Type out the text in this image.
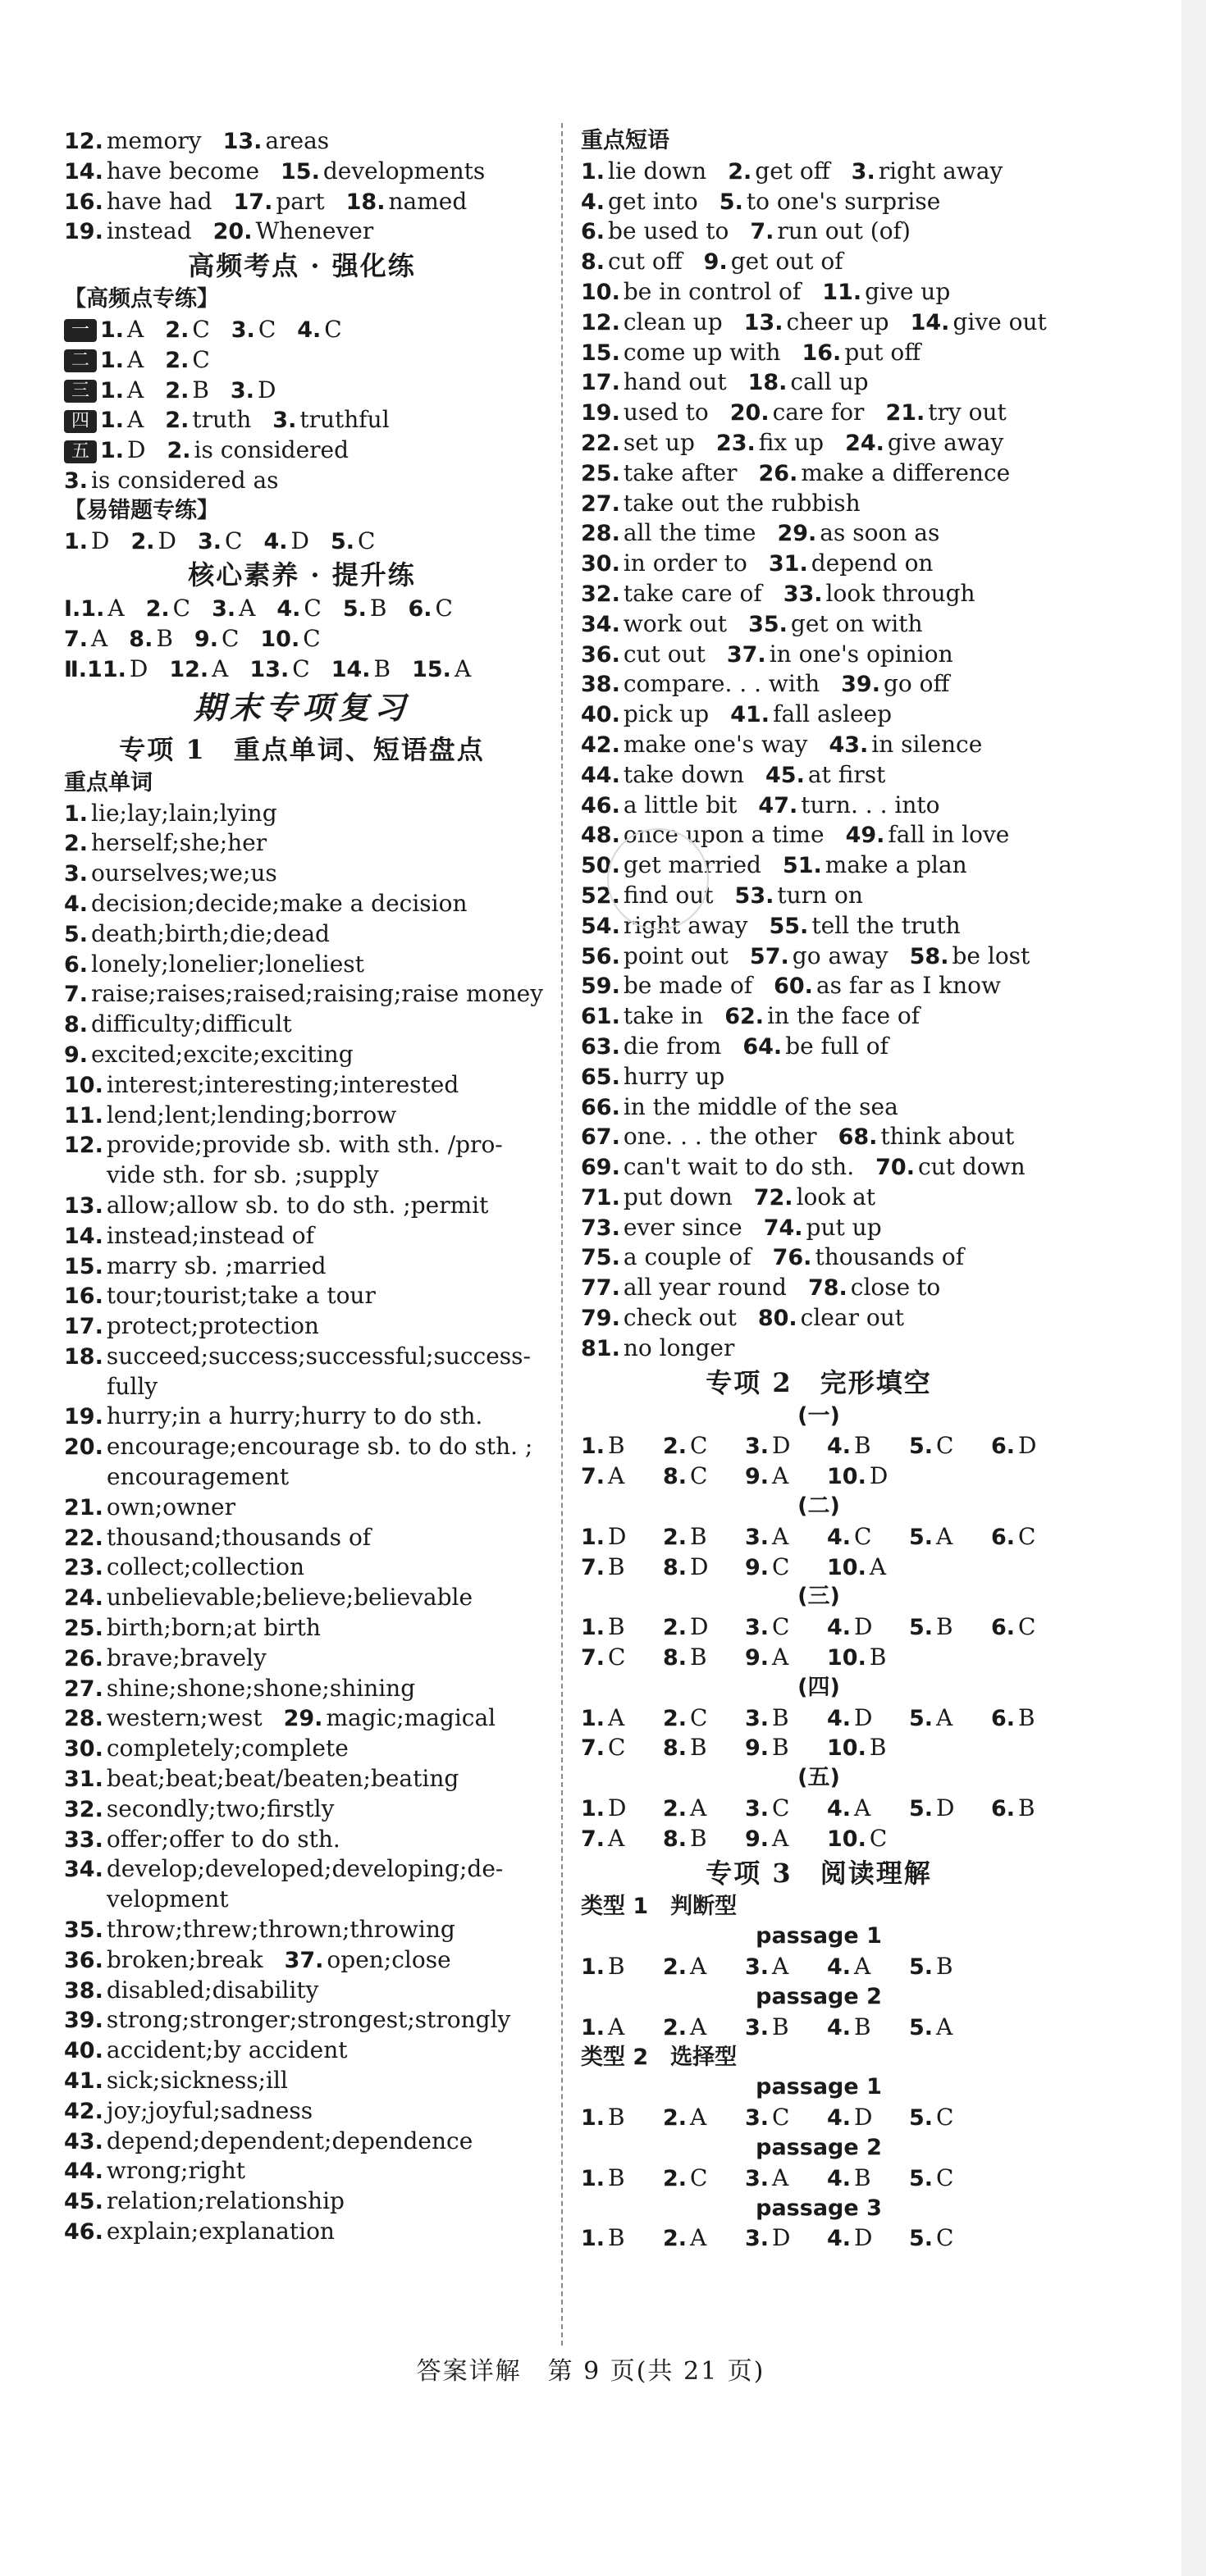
12. memory 13. areas
14. have become 15. developments
16. have had 17. part 18. named
19. instead 20. Whenever
高频考点 · 强化练
【高频点专练】
一 1. A 2. C 3. C 4. C
二 1. A 2. C
三 1. A 2. B 3. D
四 1. A 2. truth 3. truthful
五 1. D 2. is considered
3. is considered as
【易错题专练】
1. D 2. D 3. C 4. D 5. C
核心素养 · 提升练
Ⅰ.1. A 2. C 3. A 4. C 5. B 6. C
7. A 8. B 9. C 10. C
Ⅱ.11. D 12. A 13. C 14. B 15. A
期末专项复习
专项 1　重点单词、短语盘点
重点单词
1. lie;lay;lain;lying
2. herself;she;her
3. ourselves;we;us
4. decision;decide;make a decision
5. death;birth;die;dead
6. lonely;lonelier;loneliest
7. raise;raises;raised;raising;raise money
8. difficulty;difficult
9. excited;excite;exciting
10. interest;interesting;interested
11. lend;lent;lending;borrow
12. provide;provide sb. with sth. /pro-
vide sth. for sb. ;supply
13. allow;allow sb. to do sth. ;permit
14. instead;instead of
15. marry sb. ;married
16. tour;tourist;take a tour
17. protect;protection
18. succeed;success;successful;success-
fully
19. hurry;in a hurry;hurry to do sth.
20. encourage;encourage sb. to do sth. ;
encouragement
21. own;owner
22. thousand;thousands of
23. collect;collection
24. unbelievable;believe;believable
25. birth;born;at birth
26. brave;bravely
27. shine;shone;shone;shining
28. western;west 29. magic;magical
30. completely;complete
31. beat;beat;beat/beaten;beating
32. secondly;two;firstly
33. offer;offer to do sth.
34. develop;developed;developing;de-
velopment
35. throw;threw;thrown;throwing
36. broken;break 37. open;close
38. disabled;disability
39. strong;stronger;strongest;strongly
40. accident;by accident
41. sick;sickness;ill
42. joy;joyful;sadness
43. depend;dependent;dependence
44. wrong;right
45. relation;relationship
46. explain;explanation
重点短语
1. lie down 2. get off 3. right away
4. get into 5. to one's surprise
6. be used to 7. run out (of)
8. cut off 9. get out of
10. be in control of 11. give up
12. clean up 13. cheer up 14. give out
15. come up with 16. put off
17. hand out 18. call up
19. used to 20. care for 21. try out
22. set up 23. fix up 24. give away
25. take after 26. make a difference
27. take out the rubbish
28. all the time 29. as soon as
30. in order to 31. depend on
32. take care of 33. look through
34. work out 35. get on with
36. cut out 37. in one's opinion
38. compare. . . with 39. go off
40. pick up 41. fall asleep
42. make one's way 43. in silence
44. take down 45. at first
46. a little bit 47. turn. . . into
48. once upon a time 49. fall in love
50. get married 51. make a plan
52. find out 53. turn on
54. right away 55. tell the truth
56. point out 57. go away 58. be lost
59. be made of 60. as far as I know
61. take in 62. in the face of
63. die from 64. be full of
65. hurry up
66. in the middle of the sea
67. one. . . the other 68. think about
69. can't wait to do sth. 70. cut down
71. put down 72. look at
73. ever since 74. put up
75. a couple of 76. thousands of
77. all year round 78. close to
79. check out 80. clear out
81. no longer
专项 2　完形填空
(一)
1. B	2. C	3. D	4. B	5. C	6. D
7. A	8. C	9. A	10. D
(二)
1. D	2. B	3. A	4. C	5. A	6. C
7. B	8. D	9. C	10. A
(三)
1. B	2. D	3. C	4. D	5. B	6. C
7. C	8. B	9. A	10. B
(四)
1. A	2. C	3. B	4. D	5. A	6. B
7. C	8. B	9. B	10. B
(五)
1. D	2. A	3. C	4. A	5. D	6. B
7. A	8. B	9. A	10. C
专项 3　阅读理解
类型 1　判断型
passage 1
1. B	2. A	3. A	4. A	5. B
passage 2
1. A	2. A	3. B	4. B	5. A
类型 2　选择型
passage 1
1. B	2. A	3. C	4. D	5. C
passage 2
1. B	2. C	3. A	4. B	5. C
passage 3
1. B	2. A	3. D	4. D	5. C
答案详解　第 9 页(共 21 页)
